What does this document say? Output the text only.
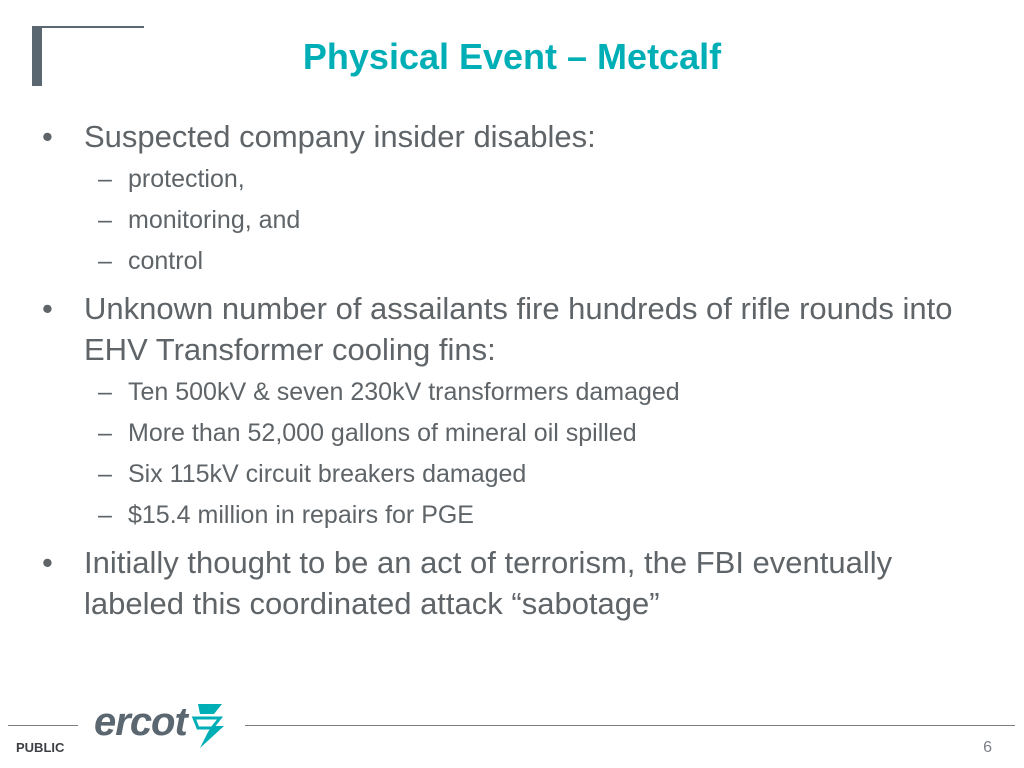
Physical Event – Metcalf
• Suspected company insider disables:
– protection,
– monitoring, and
– control
• Unknown number of assailants fire hundreds of rifle rounds into EHV Transformer cooling fins:
– Ten 500kV & seven 230kV transformers damaged
– More than 52,000 gallons of mineral oil spilled
– Six 115kV circuit breakers damaged
– $15.4 million in repairs for PGE
• Initially thought to be an act of terrorism, the FBI eventually labeled this coordinated attack “sabotage”
PUBLIC
ercot
6
